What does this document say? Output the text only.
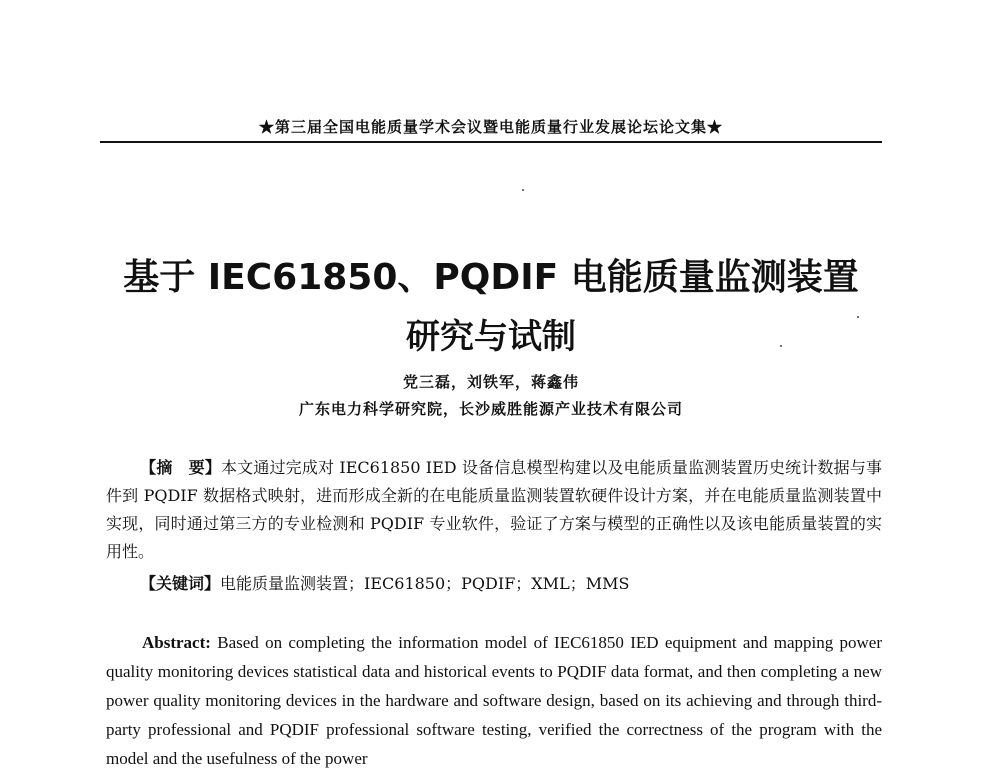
★第三届全国电能质量学术会议暨电能质量行业发展论坛论文集★
基于 IEC61850、PQDIF 电能质量监测装置
研究与试制
党三磊，刘铁军，蒋鑫伟
广东电力科学研究院，长沙威胜能源产业技术有限公司
【摘　要】本文通过完成对 IEC61850 IED 设备信息模型构建以及电能质量监测装置历史统计数据与事件到 PQDIF 数据格式映射，进而形成全新的在电能质量监测装置软硬件设计方案，并在电能质量监测装置中实现，同时通过第三方的专业检测和 PQDIF 专业软件，验证了方案与模型的正确性以及该电能质量装置的实用性。
【关键词】电能质量监测装置；IEC61850；PQDIF；XML；MMS
Abstract: Based on completing the information model of IEC61850 IED equipment and mapping power quality monitoring devices statistical data and historical events to PQDIF data format, and then completing a new power quality monitoring devices in the hardware and software design, based on its achieving and through third-party professional and PQDIF professional software testing, verified the correctness of the program with the model and the usefulness of the power
